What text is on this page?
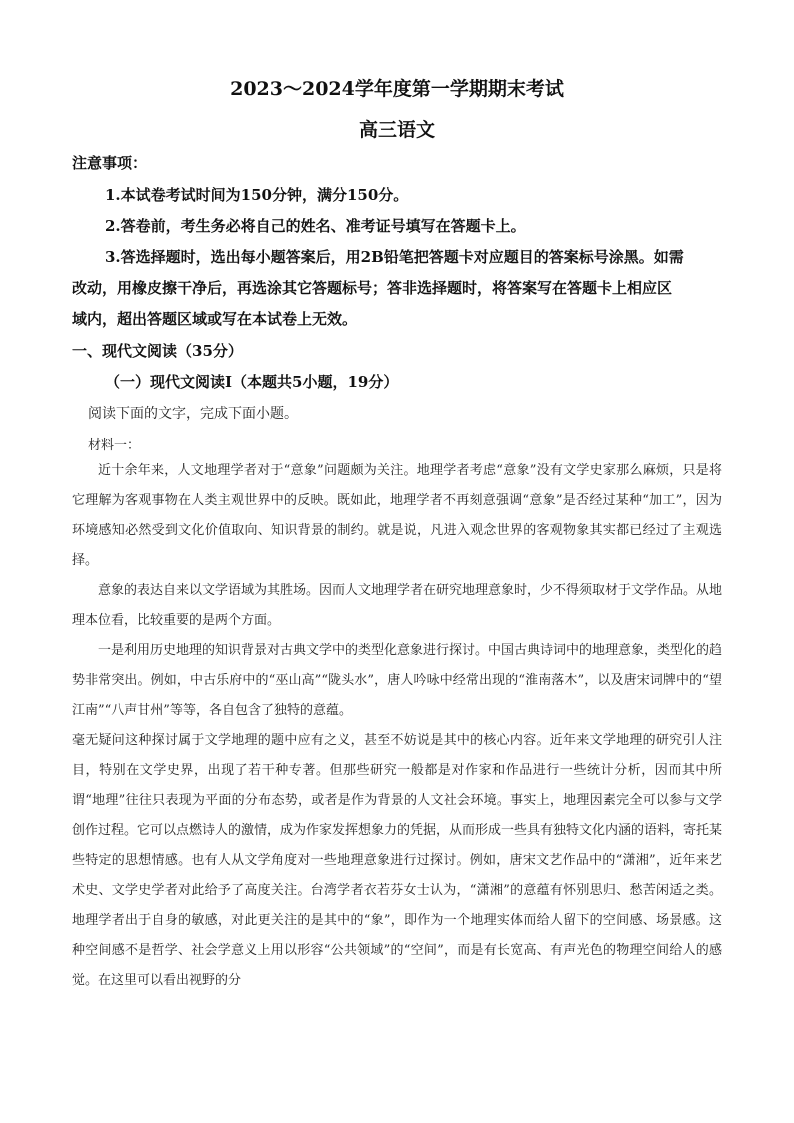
2023～2024学年度第一学期期末考试
高三语文
注意事项：
1.本试卷考试时间为150分钟，满分150分。
2.答卷前，考生务必将自己的姓名、准考证号填写在答题卡上。
3.答选择题时，选出每小题答案后，用2B铅笔把答题卡对应题目的答案标号涂黑。如需
改动，用橡皮擦干净后，再选涂其它答题标号；答非选择题时，将答案写在答题卡上相应区
域内，超出答题区域或写在本试卷上无效。
一、现代文阅读（35分）
（一）现代文阅读Ⅰ（本题共5小题，19分）
阅读下面的文字，完成下面小题。
材料一：

近十余年来，人文地理学者对于“意象”问题颇为关注。地理学者考虑“意象”没有文学史家那么麻烦，只是将它理解为客观事物在人类主观世界中的反映。既如此，地理学者不再刻意强调“意象”是否经过某种“加工”，因为环境感知必然受到文化价值取向、知识背景的制约。就是说，凡进入观念世界的客观物象其实都已经过了主观选择。

意象的表达自来以文学语域为其胜场。因而人文地理学者在研究地理意象时，少不得须取材于文学作品。从地理本位看，比较重要的是两个方面。

一是利用历史地理的知识背景对古典文学中的类型化意象进行探讨。中国古典诗词中的地理意象，类型化的趋势非常突出。例如，中古乐府中的“巫山高”“陇头水”，唐人吟咏中经常出现的“淮南落木”，以及唐宋词牌中的“望江南”“八声甘州”等等，各自包含了独特的意蕴。

毫无疑问这种探讨属于文学地理的题中应有之义，甚至不妨说是其中的核心内容。近年来文学地理的研究引人注目，特别在文学史界，出现了若干种专著。但那些研究一般都是对作家和作品进行一些统计分析，因而其中所谓“地理”往往只表现为平面的分布态势，或者是作为背景的人文社会环境。事实上，地理因素完全可以参与文学创作过程。它可以点燃诗人的激情，成为作家发挥想象力的凭据，从而形成一些具有独特文化内涵的语料，寄托某些特定的思想情感。也有人从文学角度对一些地理意象进行过探讨。例如，唐宋文艺作品中的“潇湘”，近年来艺术史、文学史学者对此给予了高度关注。台湾学者衣若芬女士认为，“潇湘”的意蕴有怀别思归、愁苦闲适之类。地理学者出于自身的敏感，对此更关注的是其中的“象”，即作为一个地理实体而给人留下的空间感、场景感。这种空间感不是哲学、社会学意义上用以形容“公共领域”的“空间”，而是有长宽高、有声光色的物理空间给人的感觉。在这里可以看出视野的分
